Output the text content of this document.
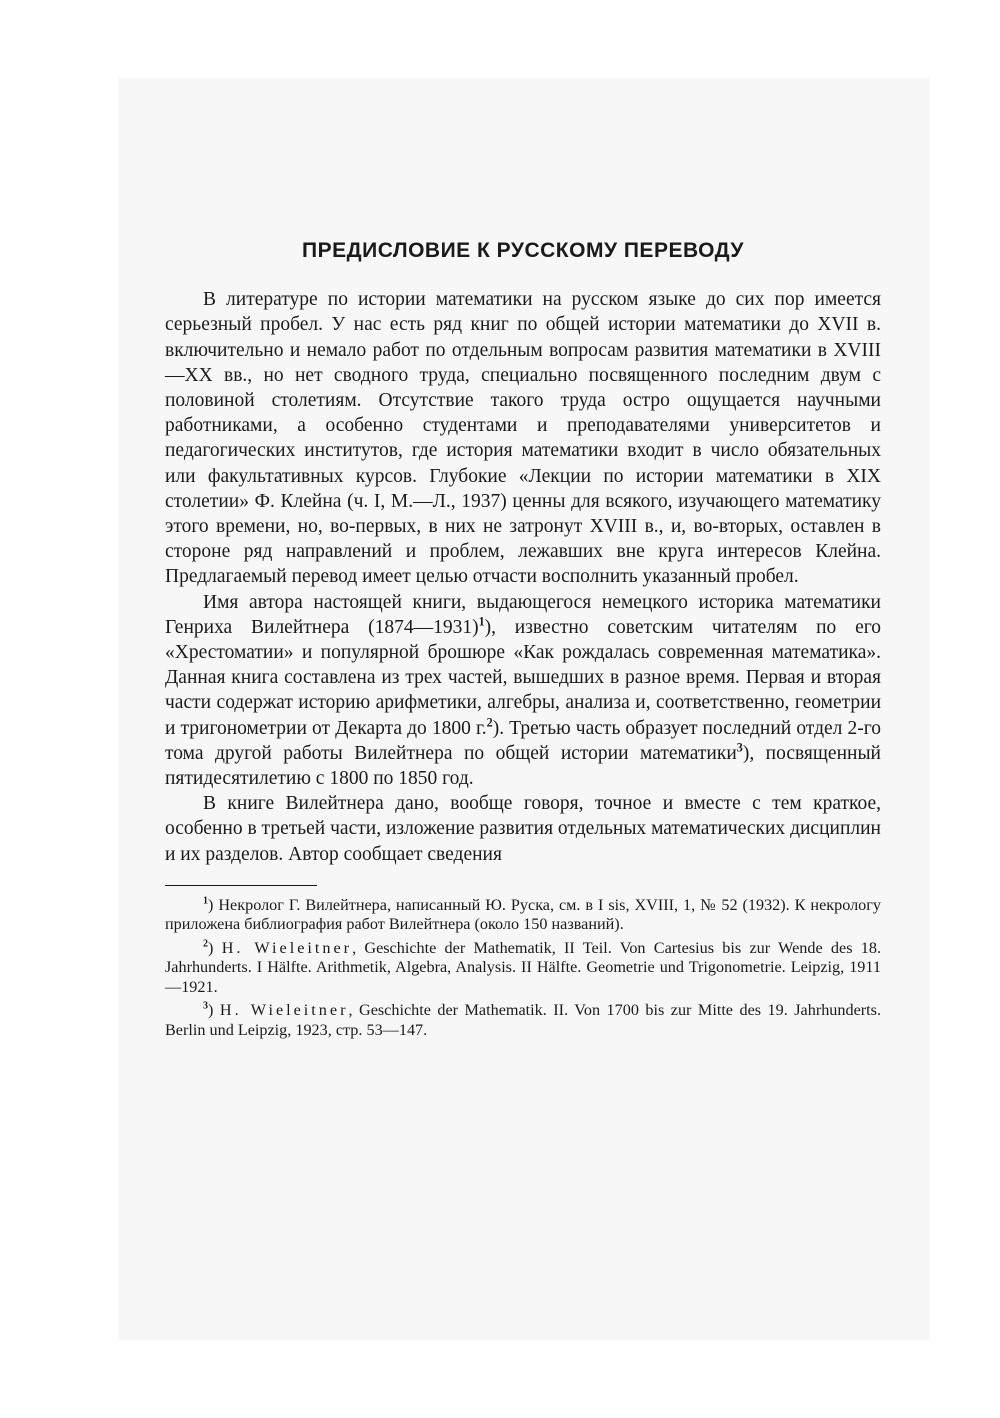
ПРЕДИСЛОВИЕ К РУССКОМУ ПЕРЕВОДУ

В литературе по истории математики на русском языке до сих пор имеется серьезный пробел. У нас есть ряд книг по общей истории математики до XVII в. включительно и немало работ по отдельным вопросам развития математики в XVIII—XX вв., но нет сводного труда, специально посвященного последним двум с половиной столетиям. Отсутствие такого труда остро ощущается научными работниками, а особенно студентами и преподавателями университетов и педагогических институтов, где история математики входит в число обязательных или факультативных курсов. Глубокие «Лекции по истории математики в XIX столетии» Ф. Клейна (ч. I, М.—Л., 1937) ценны для всякого, изучающего математику этого времени, но, во-первых, в них не затронут XVIII в., и, во-вторых, оставлен в стороне ряд направлений и проблем, лежавших вне круга интересов Клейна. Предлагаемый перевод имеет целью отчасти восполнить указанный пробел.

Имя автора настоящей книги, выдающегося немецкого историка математики Генриха Вилейтнера (1874—1931)$^1$), известно советским читателям по его «Хрестоматии» и популярной брошюре «Как рождалась современная математика». Данная книга составлена из трех частей, вышедших в разное время. Первая и вторая части содержат историю арифметики, алгебры, анализа и, соответственно, геометрии и тригонометрии от Декарта до 1800 г.$^2$). Третью часть образует последний отдел 2-го тома другой работы Вилейтнера по общей истории математики$^3$), посвященный пятидесятилетию с 1800 по 1850 год.

В книге Вилейтнера дано, вообще говоря, точное и вместе с тем краткое, особенно в третьей части, изложение развития отдельных математических дисциплин и их разделов. Автор сообщает сведения

$^1$) Некролог Г. Вилейтнера, написанный Ю. Руска, см. в I sis, XVIII, 1, № 52 (1932). К некрологу приложена библиография работ Вилейтнера (около 150 названий).

$^2$) H. Wieleitner, Geschichte der Mathematik, II Teil. Von Cartesius bis zur Wende des 18. Jahrhunderts. I Hälfte. Arithmetik, Algebra, Analysis. II Hälfte. Geometrie und Trigonometrie. Leipzig, 1911—1921.

$^3$) H. Wieleitner, Geschichte der Mathematik. II. Von 1700 bis zur Mitte des 19. Jahrhunderts. Berlin und Leipzig, 1923, стр. 53—147.
